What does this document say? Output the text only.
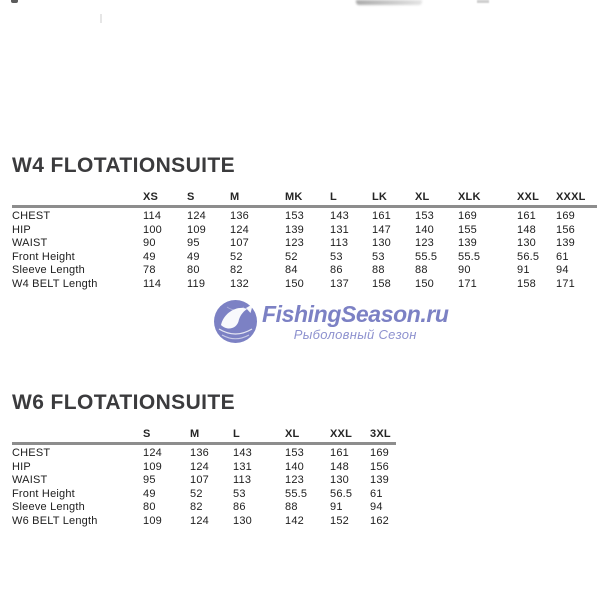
W4 FLOTATIONSUITE
	XS	S	M	MK	L	LK	XL	XLK	XXL	XXXL
CHEST	114	124	136	153	143	161	153	169	161	169
HIP	100	109	124	139	131	147	140	155	148	156
WAIST	90	95	107	123	113	130	123	139	130	139
Front Height	49	49	52	52	53	53	55.5	55.5	56.5	61
Sleeve Length	78	80	82	84	86	88	88	90	91	94
W4 BELT Length	114	119	132	150	137	158	150	171	158	171
FishingSeason.ru
Рыболовный Сезон
W6 FLOTATIONSUITE
	S	M	L	XL	XXL	3XL
CHEST	124	136	143	153	161	169
HIP	109	124	131	140	148	156
WAIST	95	107	113	123	130	139
Front Height	49	52	53	55.5	56.5	61
Sleeve Length	80	82	86	88	91	94
W6 BELT Length	109	124	130	142	152	162
